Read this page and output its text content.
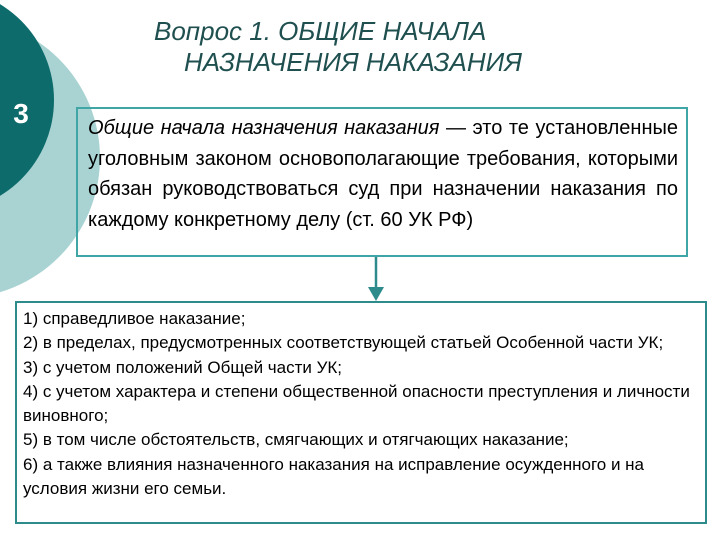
3
Вопрос 1. ОБЩИЕ НАЧАЛА
НАЗНАЧЕНИЯ НАКАЗАНИЯ
Общие начала назначения наказания — это те установленные уголовным законом основополагающие требования, которыми обязан руководствоваться суд при назначении наказания по каждому конкретному делу (ст. 60 УК РФ)
1) справедливое наказание;
2) в пределах, предусмотренных соответствующей статьей Особенной части УК;
3) с учетом положений Общей части УК;
4) с учетом характера и степени общественной опасности преступления и личности виновного;
5) в том числе обстоятельств, смягчающих и отягчающих наказание;
6) а также влияния назначенного наказания на исправление осужденного и на условия жизни его семьи.
